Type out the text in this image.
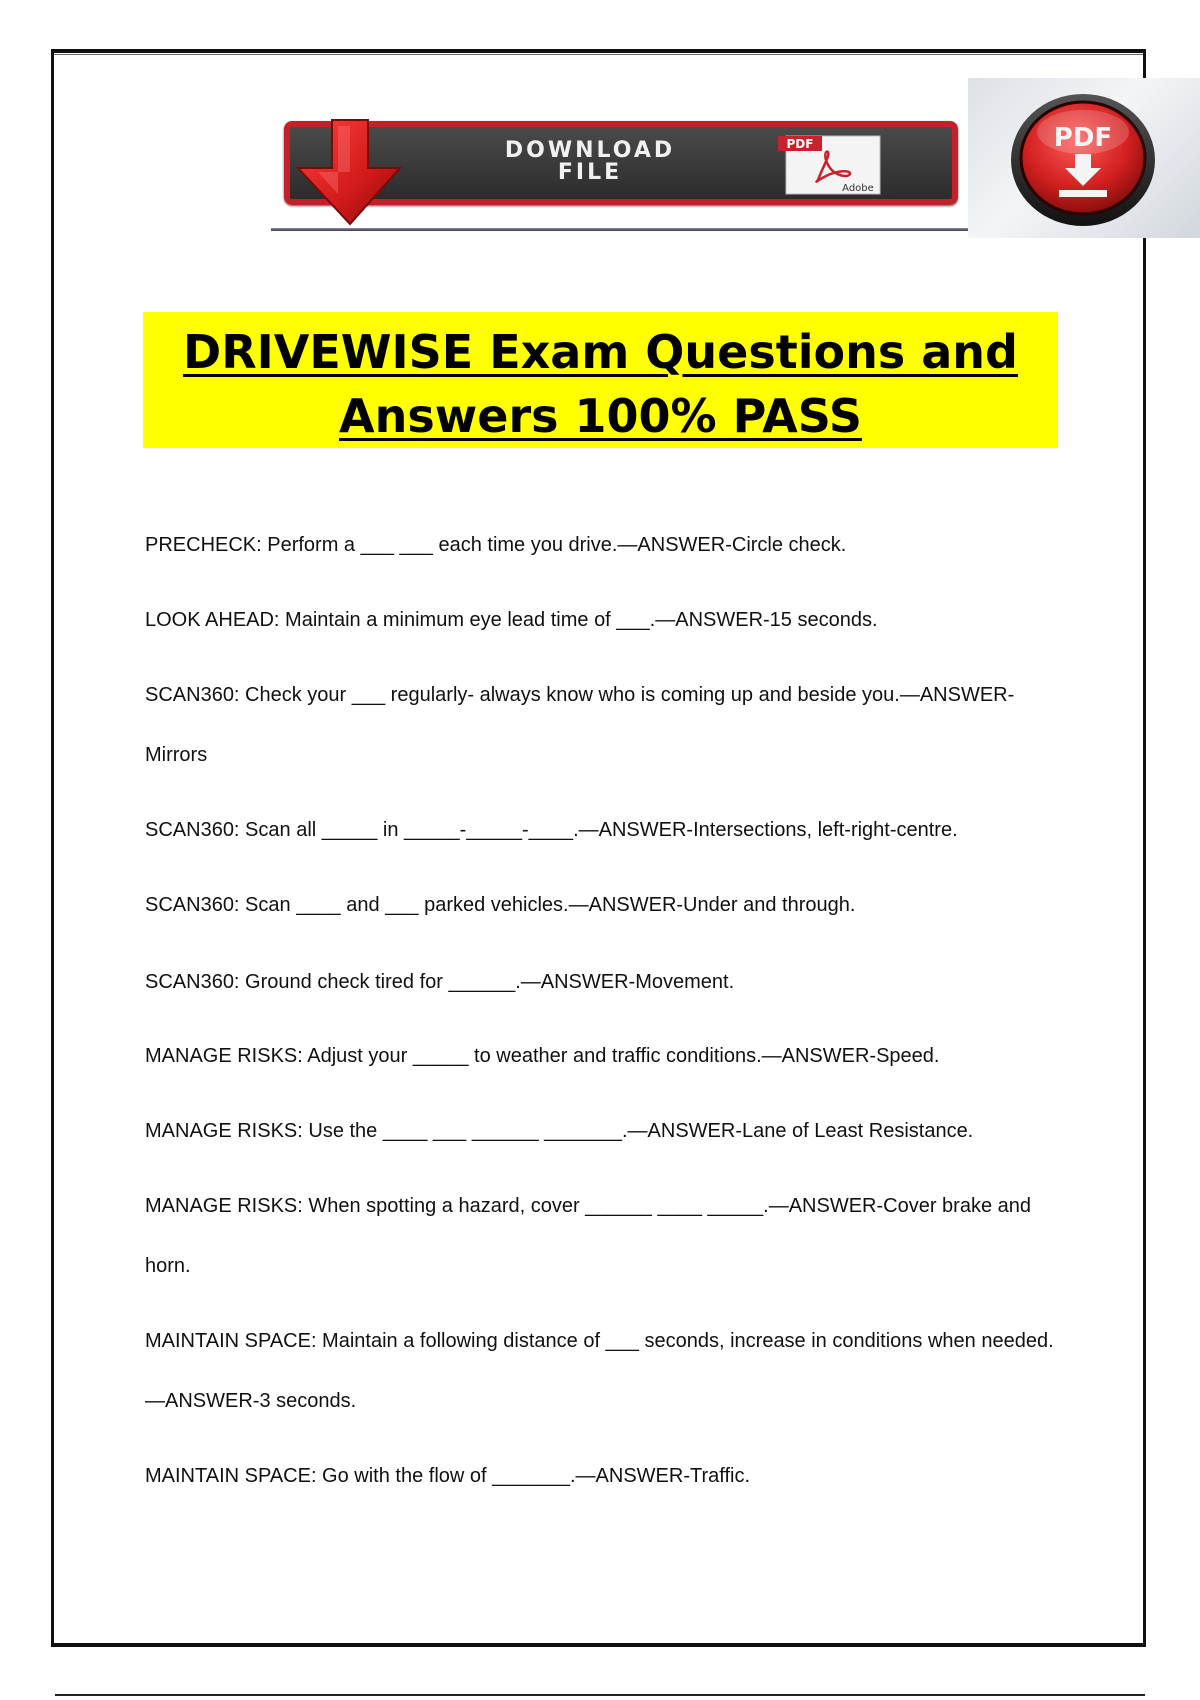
DOWNLOAD
FILE
PDF
Adobe
PDF
DRIVEWISE Exam Questions and
Answers 100% PASS

PRECHECK: Perform a ___ ___ each time you drive.—ANSWER-Circle check.

LOOK AHEAD: Maintain a minimum eye lead time of ___.—ANSWER-15 seconds.

SCAN360: Check your ___ regularly- always know who is coming up and beside you.—ANSWER-Mirrors

SCAN360: Scan all _____ in _____-_____-____.—ANSWER-Intersections, left-right-centre.

SCAN360: Scan ____ and ___ parked vehicles.—ANSWER-Under and through.

SCAN360: Ground check tired for ______.—ANSWER-Movement.

MANAGE RISKS: Adjust your _____ to weather and traffic conditions.—ANSWER-Speed.

MANAGE RISKS: Use the ____ ___ ______ _______.—ANSWER-Lane of Least Resistance.

MANAGE RISKS: When spotting a hazard, cover ______ ____ _____.—ANSWER-Cover brake and horn.

MAINTAIN SPACE: Maintain a following distance of ___ seconds, increase in conditions when needed.—ANSWER-3 seconds.

MAINTAIN SPACE: Go with the flow of _______.—ANSWER-Traffic.
